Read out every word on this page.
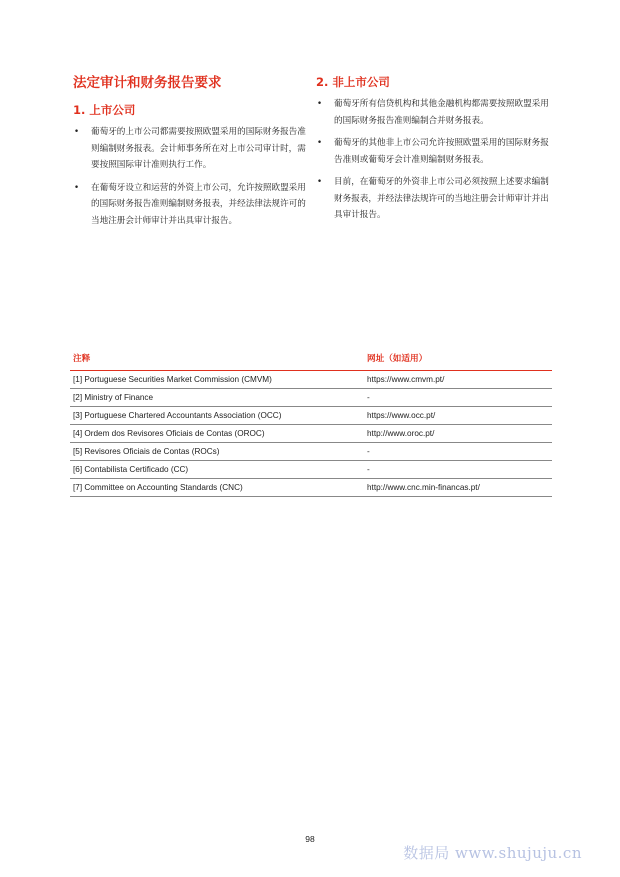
法定审计和财务报告要求
1. 上市公司
• 葡萄牙的上市公司都需要按照欧盟采用的国际财务报告准则编制财务报表。会计师事务所在对上市公司审计时，需要按照国际审计准则执行工作。
• 在葡萄牙设立和运营的外资上市公司，允许按照欧盟采用的国际财务报告准则编制财务报表，并经法律法规许可的当地注册会计师审计并出具审计报告。
2. 非上市公司
• 葡萄牙所有信贷机构和其他金融机构都需要按照欧盟采用的国际财务报告准则编制合并财务报表。
• 葡萄牙的其他非上市公司允许按照欧盟采用的国际财务报告准则或葡萄牙会计准则编制财务报表。
• 目前，在葡萄牙的外资非上市公司必须按照上述要求编制财务报表，并经法律法规许可的当地注册会计师审计并出具审计报告。
注释	网址（如适用）
[1] Portuguese Securities Market Commission (CMVM)	https://www.cmvm.pt/
[2] Ministry of Finance	-
[3] Portuguese Chartered Accountants Association (OCC)	https://www.occ.pt/
[4] Ordem dos Revisores Oficiais de Contas (OROC)	http://www.oroc.pt/
[5] Revisores Oficiais de Contas (ROCs)	-
[6] Contabilista Certificado (CC)	-
[7] Committee on Accounting Standards (CNC)	http://www.cnc.min-financas.pt/
98
数据局 www.shujuju.cn
